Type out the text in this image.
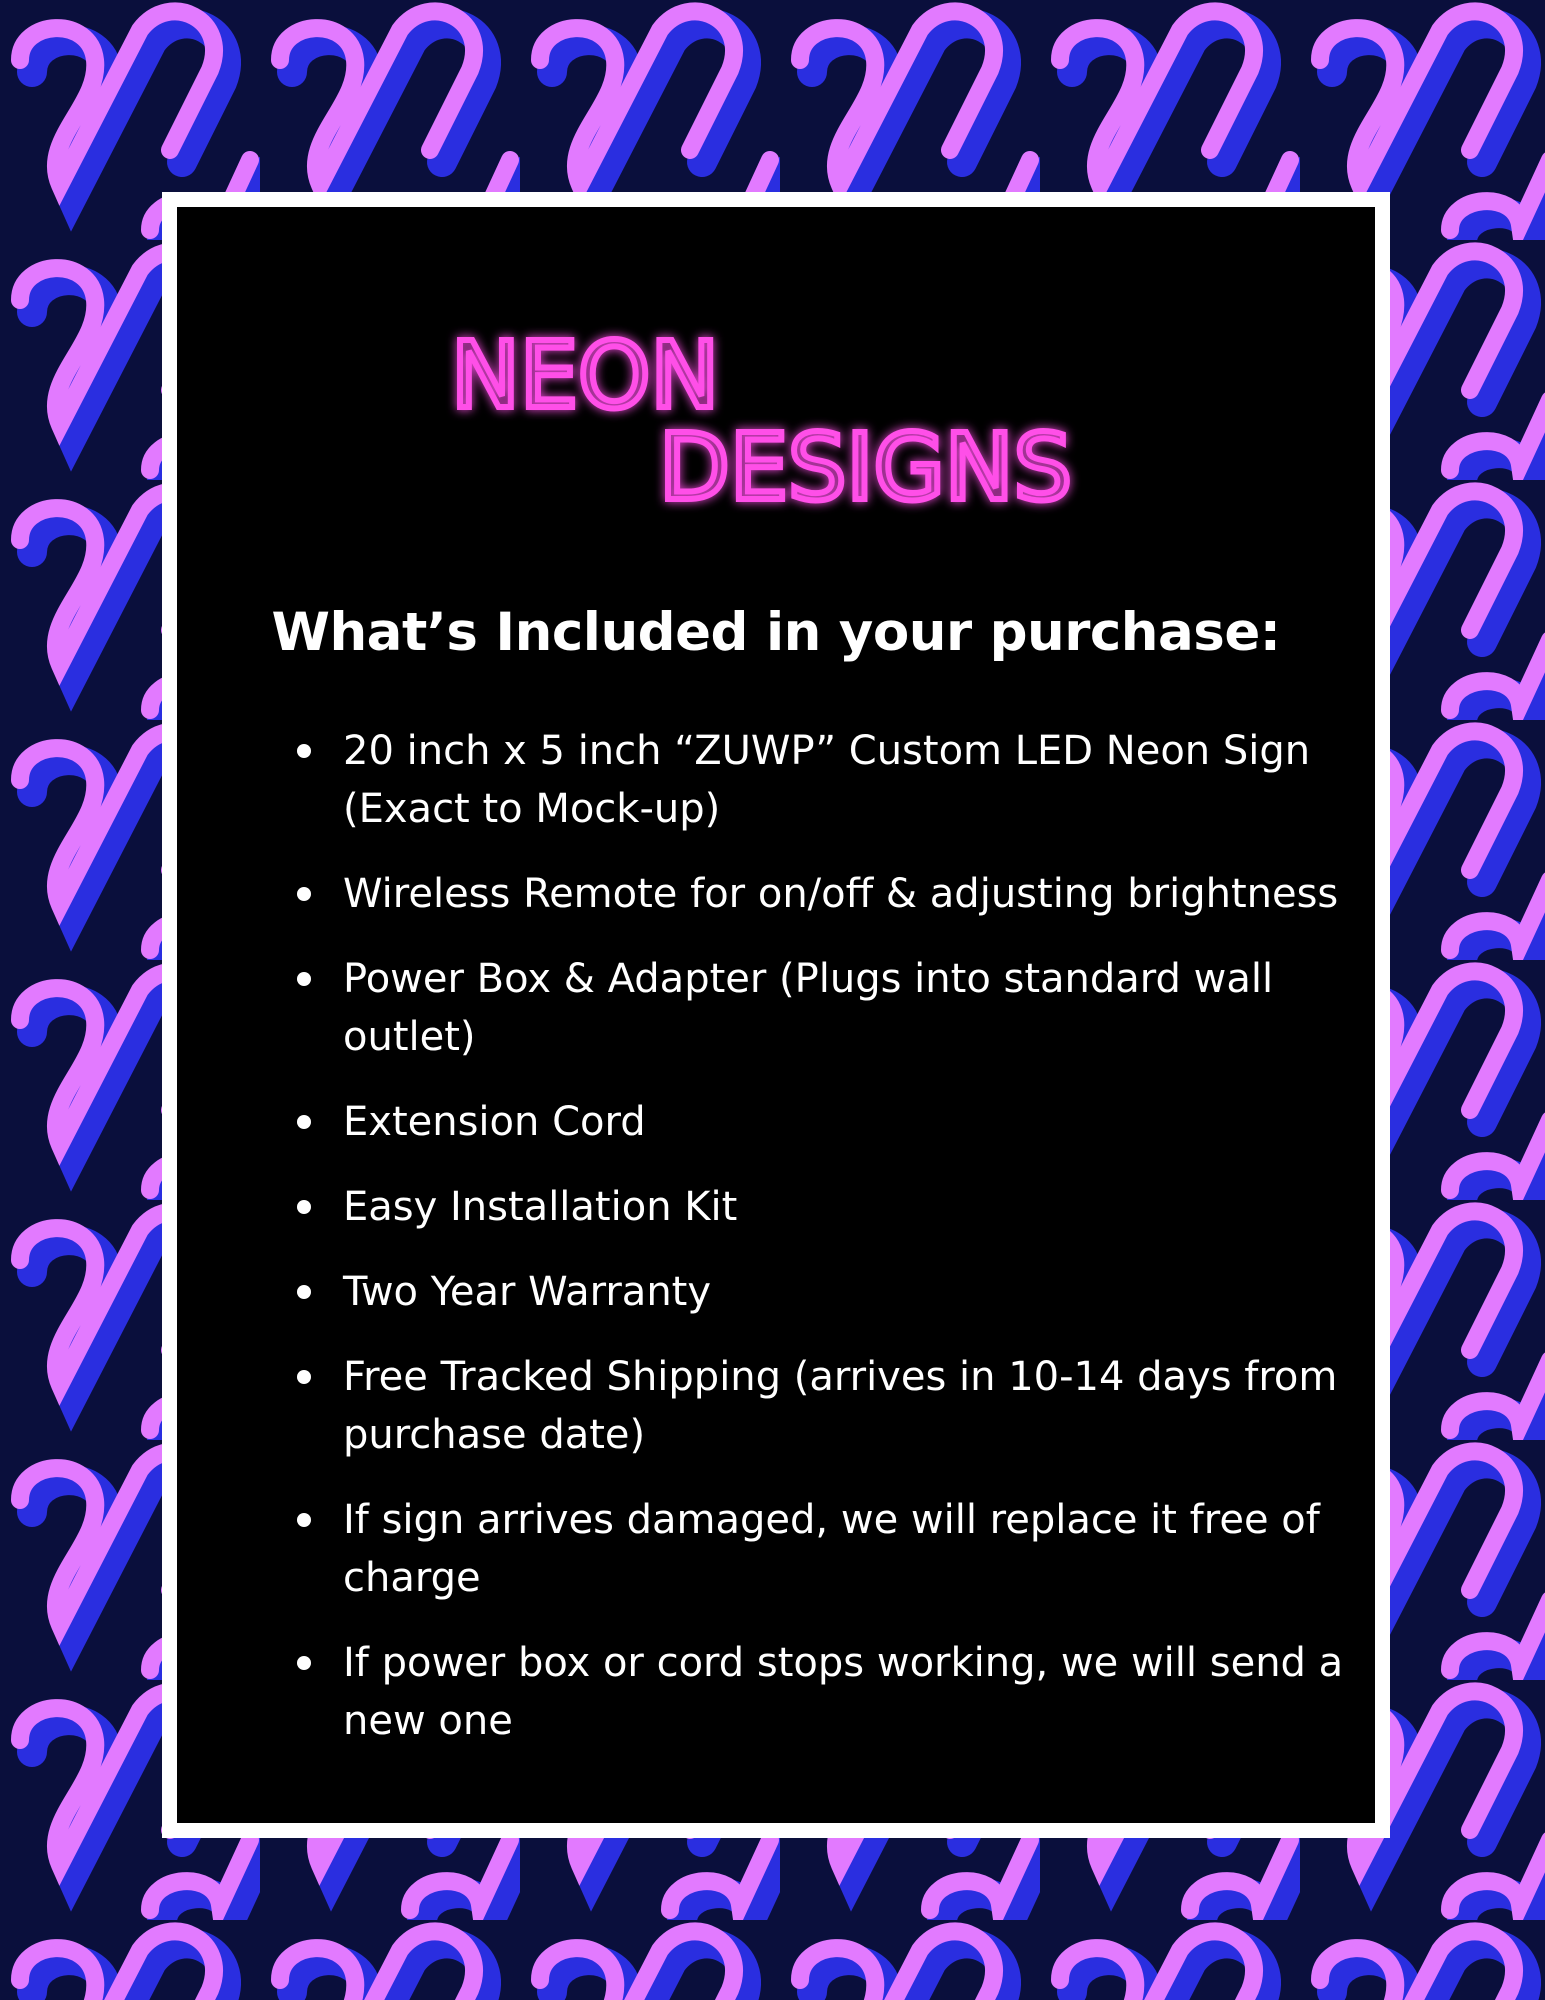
NEON
DESIGNS
What’s Included in your purchase:
20 inch x 5 inch “ZUWP” Custom LED Neon Sign (Exact to Mock-up)
Wireless Remote for on/off & adjusting brightness
Power Box & Adapter (Plugs into standard wall outlet)
Extension Cord
Easy Installation Kit
Two Year Warranty
Free Tracked Shipping (arrives in 10-14 days from purchase date)
If sign arrives damaged, we will replace it free of charge
If power box or cord stops working, we will send a new one
